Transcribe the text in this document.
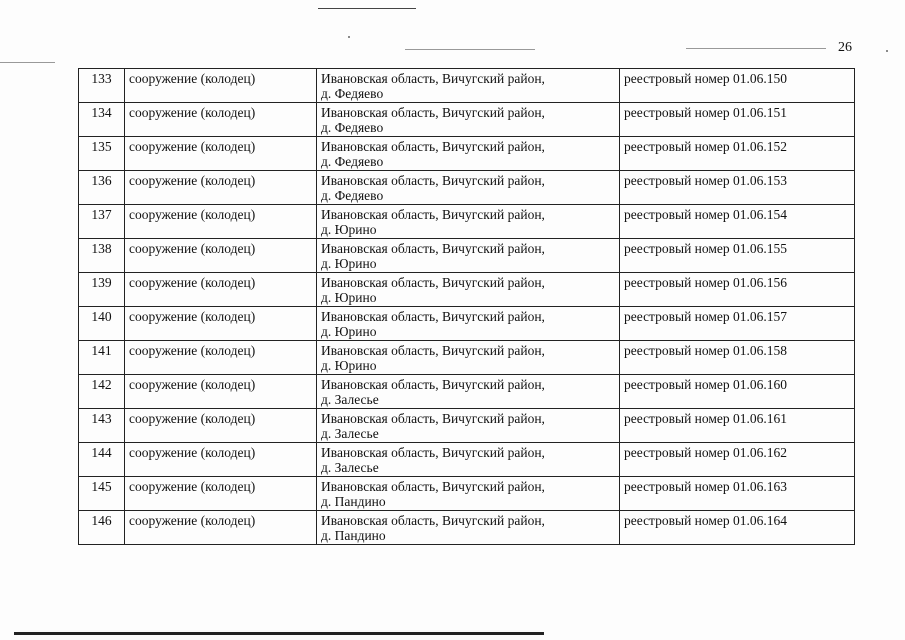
26
133	сооружение (колодец)	Ивановская область, Вичугский район,
д. Федяево	реестровый номер 01.06.150
134	сооружение (колодец)	Ивановская область, Вичугский район,
д. Федяево	реестровый номер 01.06.151
135	сооружение (колодец)	Ивановская область, Вичугский район,
д. Федяево	реестровый номер 01.06.152
136	сооружение (колодец)	Ивановская область, Вичугский район,
д. Федяево	реестровый номер 01.06.153
137	сооружение (колодец)	Ивановская область, Вичугский район,
д. Юрино	реестровый номер 01.06.154
138	сооружение (колодец)	Ивановская область, Вичугский район,
д. Юрино	реестровый номер 01.06.155
139	сооружение (колодец)	Ивановская область, Вичугский район,
д. Юрино	реестровый номер 01.06.156
140	сооружение (колодец)	Ивановская область, Вичугский район,
д. Юрино	реестровый номер 01.06.157
141	сооружение (колодец)	Ивановская область, Вичугский район,
д. Юрино	реестровый номер 01.06.158
142	сооружение (колодец)	Ивановская область, Вичугский район,
д. Залесье	реестровый номер 01.06.160
143	сооружение (колодец)	Ивановская область, Вичугский район,
д. Залесье	реестровый номер 01.06.161
144	сооружение (колодец)	Ивановская область, Вичугский район,
д. Залесье	реестровый номер 01.06.162
145	сооружение (колодец)	Ивановская область, Вичугский район,
д. Пандино	реестровый номер 01.06.163
146	сооружение (колодец)	Ивановская область, Вичугский район,
д. Пандино	реестровый номер 01.06.164
